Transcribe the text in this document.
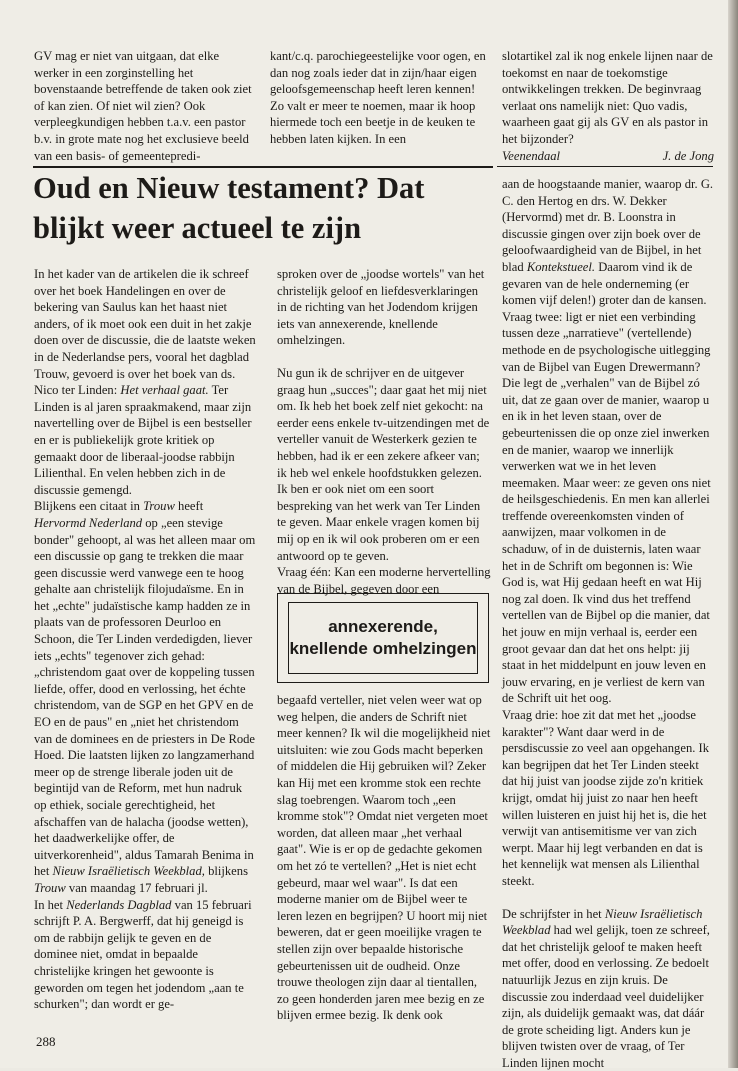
GV mag er niet van uitgaan, dat elke werker in een zorginstelling het bovenstaande betreffende de taken ook ziet of kan zien. Of niet wil zien? Ook verpleegkundigen hebben t.a.v. een pastor b.v. in grote mate nog het exclusieve beeld van een basis- of gemeentepredi-

kant/c.q. parochiegeestelijke voor ogen, en dan nog zoals ieder dat in zijn/haar eigen geloofsgemeenschap heeft leren kennen! Zo valt er meer te noemen, maar ik hoop hiermede toch een beetje in de keuken te hebben laten kijken. In een

slotartikel zal ik nog enkele lijnen naar de toekomst en naar de toekomstige ontwikkelingen trekken. De beginvraag verlaat ons namelijk niet: Quo vadis, waarheen gaat gij als GV en als pastor in het bijzonder?

Veenendaal	J. de Jong
Oud en Nieuw testament? Dat blijkt weer actueel te zijn

In het kader van de artikelen die ik schreef over het boek Handelingen en over de bekering van Saulus kan het haast niet anders, of ik moet ook een duit in het zakje doen over de discussie, die de laatste weken in de Nederlandse pers, vooral het dagblad Trouw, gevoerd is over het boek van ds. Nico ter Linden: Het verhaal gaat. Ter Linden is al jaren spraakmakend, maar zijn navertelling over de Bijbel is een bestseller en er is publiekelijk grote kritiek op gemaakt door de liberaal-joodse rabbijn Lilienthal. En velen hebben zich in de discussie gemengd.

Blijkens een citaat in Trouw heeft Hervormd Nederland op „een stevige bonder" gehoopt, al was het alleen maar om een discussie op gang te trekken die maar geen discussie werd vanwege een te hoog gehalte aan christelijk filojudaïsme. En in het „echte" judaïstische kamp hadden ze in plaats van de professoren Deurloo en Schoon, die Ter Linden verdedigden, liever iets „echts" tegenover zich gehad: „christendom gaat over de koppeling tussen liefde, offer, dood en verlossing, het échte christendom, van de SGP en het GPV en de EO en de paus" en „niet het christendom van de dominees en de priesters in De Rode Hoed. Die laatsten lijken zo langzamerhand meer op de strenge liberale joden uit de begintijd van de Reform, met hun nadruk op ethiek, sociale gerechtigheid, het afschaffen van de halacha (joodse wetten), het daadwerkelijke offer, de uitverkorenheid", aldus Tamarah Benima in het Nieuw Israëlietisch Weekblad, blijkens Trouw van maandag 17 februari jl.

In het Nederlands Dagblad van 15 februari schrijft P. A. Bergwerff, dat hij geneigd is om de rabbijn gelijk te geven en de dominee niet, omdat in bepaalde christelijke kringen het gewoonte is geworden om tegen het jodendom „aan te schurken"; dan wordt er ge-

sproken over de „joodse wortels" van het christelijk geloof en liefdesverklaringen in de richting van het Jodendom krijgen iets van annexerende, knellende omhelzingen.

Nu gun ik de schrijver en de uitgever graag hun „succes"; daar gaat het mij niet om. Ik heb het boek zelf niet gekocht: na eerder eens enkele tv-uitzendingen met de verteller vanuit de Westerkerk gezien te hebben, had ik er een zekere afkeer van; ik heb wel enkele hoofdstukken gelezen. Ik ben er ook niet om een soort bespreking van het werk van Ter Linden te geven. Maar enkele vragen komen bij mij op en ik wil ook proberen om er een antwoord op te geven.

Vraag één: Kan een moderne hervertelling van de Bijbel, gegeven door een

annexerende, knellende omhelzingen

begaafd verteller, niet velen weer wat op weg helpen, die anders de Schrift niet meer kennen? Ik wil die mogelijkheid niet uitsluiten: wie zou Gods macht beperken of middelen die Hij gebruiken wil? Zeker kan Hij met een kromme stok een rechte slag toebrengen. Waarom toch „een kromme stok"? Omdat niet vergeten moet worden, dat alleen maar „het verhaal gaat". Wie is er op de gedachte gekomen om het zó te vertellen? „Het is niet echt gebeurd, maar wel waar". Is dat een moderne manier om de Bijbel weer te leren lezen en begrijpen? U hoort mij niet beweren, dat er geen moeilijke vragen te stellen zijn over bepaalde historische gebeurtenissen uit de oudheid. Onze trouwe theologen zijn daar al tientallen, zo geen honderden jaren mee bezig en ze blijven ermee bezig. Ik denk ook

aan de hoogstaande manier, waarop dr. G. C. den Hertog en drs. W. Dekker (Hervormd) met dr. B. Loonstra in discussie gingen over zijn boek over de geloofwaardigheid van de Bijbel, in het blad Kontekstueel. Daarom vind ik de gevaren van de hele onderneming (er komen vijf delen!) groter dan de kansen.

Vraag twee: ligt er niet een verbinding tussen deze „narratieve" (vertellende) methode en de psychologische uitlegging van de Bijbel van Eugen Drewermann? Die legt de „verhalen" van de Bijbel zó uit, dat ze gaan over de manier, waarop u en ik in het leven staan, over de gebeurtenissen die op onze ziel inwerken en de manier, waarop we innerlijk verwerken wat we in het leven meemaken. Maar weer: ze geven ons niet de heilsgeschiedenis. En men kan allerlei treffende overeenkomsten vinden of aanwijzen, maar volkomen in de schaduw, of in de duisternis, laten waar het in de Schrift om begonnen is: Wie God is, wat Hij gedaan heeft en wat Hij nog zal doen. Ik vind dus het treffend vertellen van de Bijbel op die manier, dat het jouw en mijn verhaal is, eerder een groot gevaar dan dat het ons helpt: jij staat in het middelpunt en jouw leven en jouw ervaring, en je verliest de kern van de Schrift uit het oog.

Vraag drie: hoe zit dat met het „joodse karakter"? Want daar werd in de persdiscussie zo veel aan opgehangen. Ik kan begrijpen dat het Ter Linden steekt dat hij juist van joodse zijde zo'n kritiek krijgt, omdat hij juist zo naar hen heeft willen luisteren en juist hij het is, die het verwijt van antisemitisme ver van zich werpt. Maar hij legt verbanden en dat is het kennelijk wat mensen als Lilienthal steekt.

De schrijfster in het Nieuw Israëlietisch Weekblad had wel gelijk, toen ze schreef, dat het christelijk geloof te maken heeft met offer, dood en verlossing. Ze bedoelt natuurlijk Jezus en zijn kruis. De discussie zou inderdaad veel duidelijker zijn, als duidelijk gemaakt was, dat dáár de grote scheiding ligt. Anders kun je blijven twisten over de vraag, of Ter Linden lijnen mocht

288
